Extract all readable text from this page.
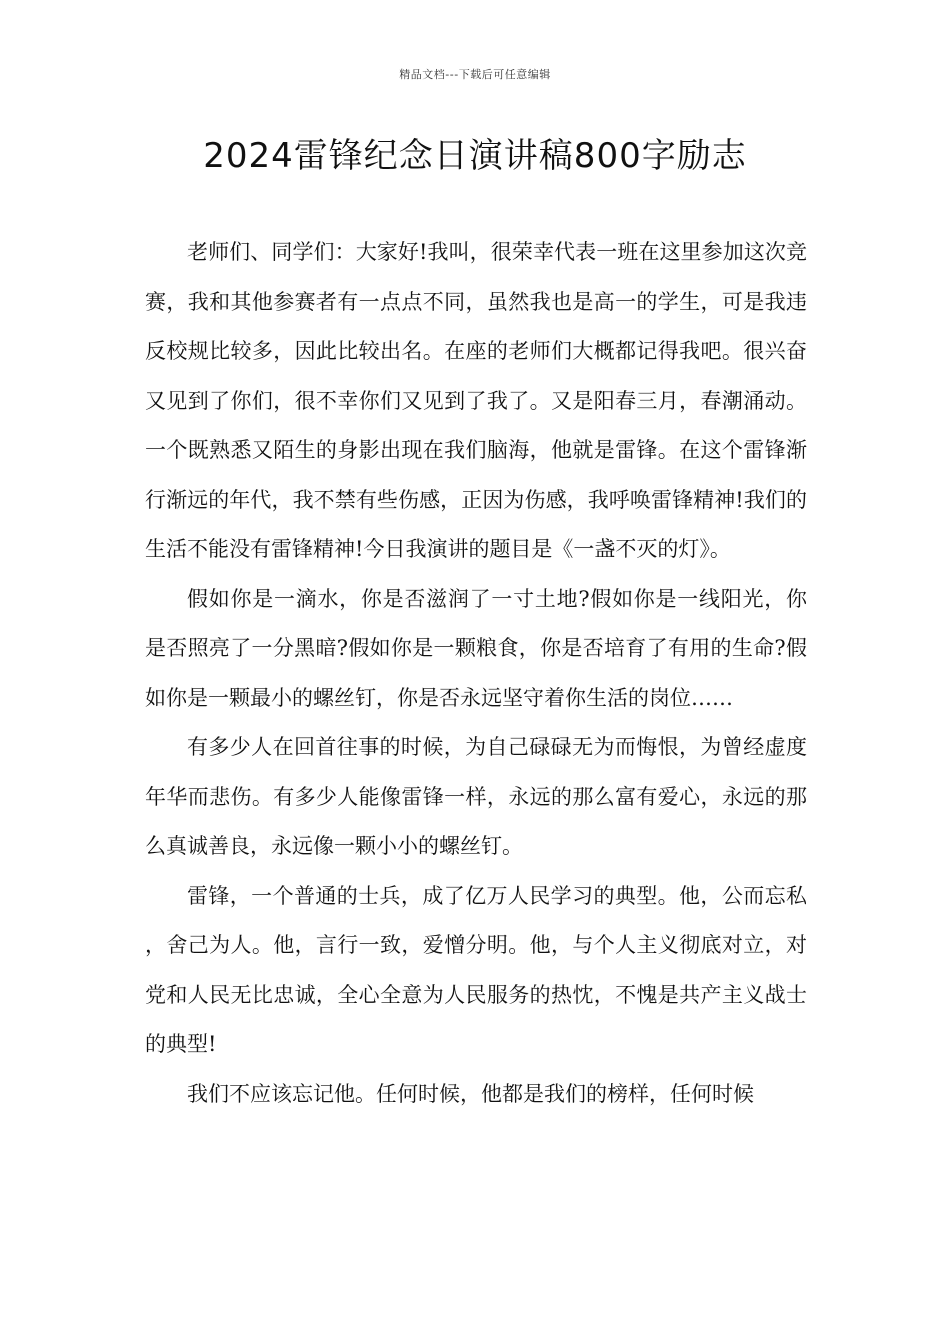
精品文档---下载后可任意编辑
2024雷锋纪念日演讲稿800字励志

老师们、同学们：大家好!我叫，很荣幸代表一班在这里参加这次竞赛，我和其他参赛者有一点点不同，虽然我也是高一的学生，可是我违反校规比较多，因此比较出名。在座的老师们大概都记得我吧。很兴奋又见到了你们，很不幸你们又见到了我了。又是阳春三月，春潮涌动。一个既熟悉又陌生的身影出现在我们脑海，他就是雷锋。在这个雷锋渐行渐远的年代，我不禁有些伤感，正因为伤感，我呼唤雷锋精神!我们的生活不能没有雷锋精神!今日我演讲的题目是《一盏不灭的灯》。

假如你是一滴水，你是否滋润了一寸土地?假如你是一线阳光，你是否照亮了一分黑暗?假如你是一颗粮食，你是否培育了有用的生命?假如你是一颗最小的螺丝钉，你是否永远坚守着你生活的岗位……

有多少人在回首往事的时候，为自己碌碌无为而悔恨，为曾经虚度年华而悲伤。有多少人能像雷锋一样，永远的那么富有爱心，永远的那么真诚善良，永远像一颗小小的螺丝钉。

雷锋，一个普通的士兵，成了亿万人民学习的典型。他，公而忘私，舍己为人。他，言行一致，爱憎分明。他，与个人主义彻底对立，对党和人民无比忠诚，全心全意为人民服务的热忱，不愧是共产主义战士的典型!

我们不应该忘记他。任何时候，他都是我们的榜样，任何时候
